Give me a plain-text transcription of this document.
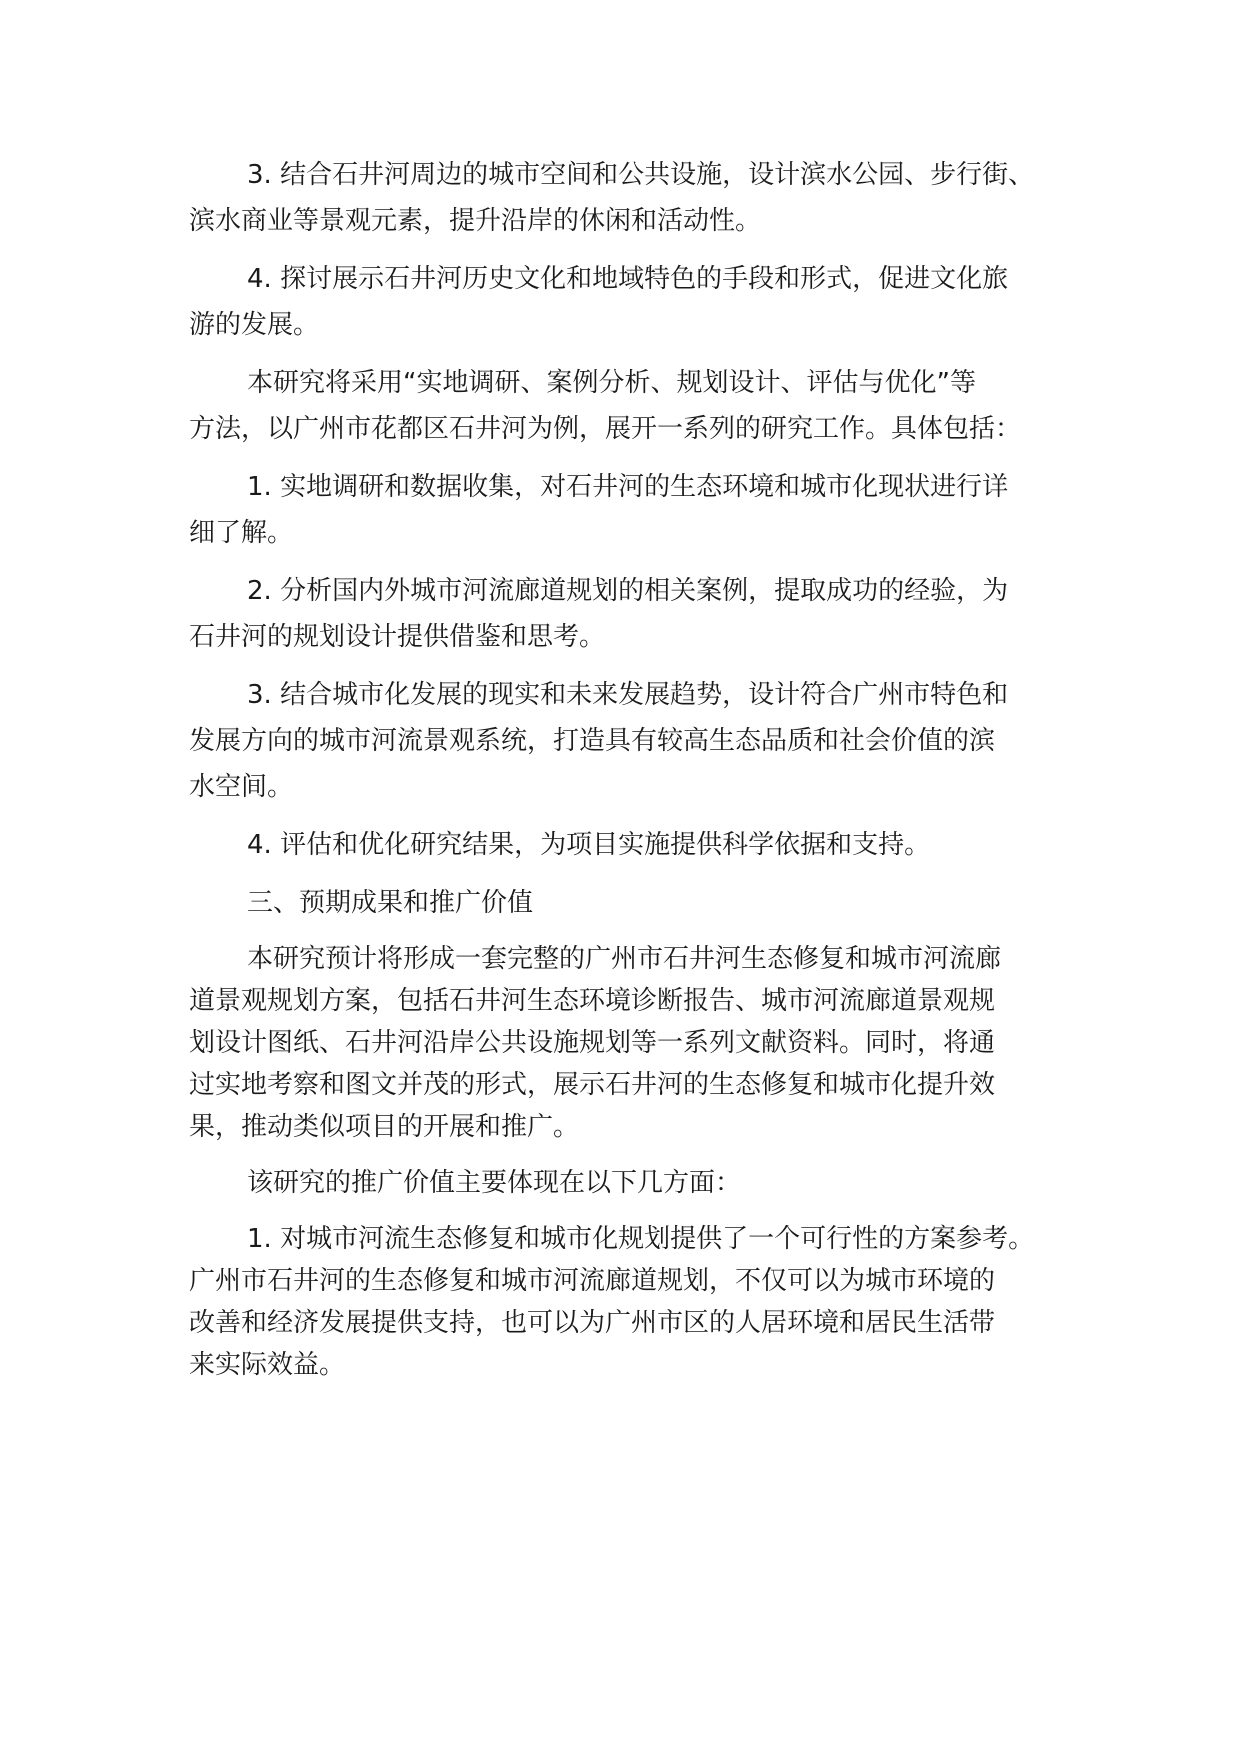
3. 结合石井河周边的城市空间和公共设施，设计滨水公园、步行街、
滨水商业等景观元素，提升沿岸的休闲和活动性。

4. 探讨展示石井河历史文化和地域特色的手段和形式，促进文化旅
游的发展。

本研究将采用“实地调研、案例分析、规划设计、评估与优化”等
方法，以广州市花都区石井河为例，展开一系列的研究工作。具体包括：

1. 实地调研和数据收集，对石井河的生态环境和城市化现状进行详
细了解。

2. 分析国内外城市河流廊道规划的相关案例，提取成功的经验，为
石井河的规划设计提供借鉴和思考。

3. 结合城市化发展的现实和未来发展趋势，设计符合广州市特色和
发展方向的城市河流景观系统，打造具有较高生态品质和社会价值的滨
水空间。

4. 评估和优化研究结果，为项目实施提供科学依据和支持。

三、预期成果和推广价值

本研究预计将形成一套完整的广州市石井河生态修复和城市河流廊
道景观规划方案，包括石井河生态环境诊断报告、城市河流廊道景观规
划设计图纸、石井河沿岸公共设施规划等一系列文献资料。同时，将通
过实地考察和图文并茂的形式，展示石井河的生态修复和城市化提升效
果，推动类似项目的开展和推广。

该研究的推广价值主要体现在以下几方面：

1. 对城市河流生态修复和城市化规划提供了一个可行性的方案参考。
广州市石井河的生态修复和城市河流廊道规划，不仅可以为城市环境的
改善和经济发展提供支持，也可以为广州市区的人居环境和居民生活带
来实际效益。
